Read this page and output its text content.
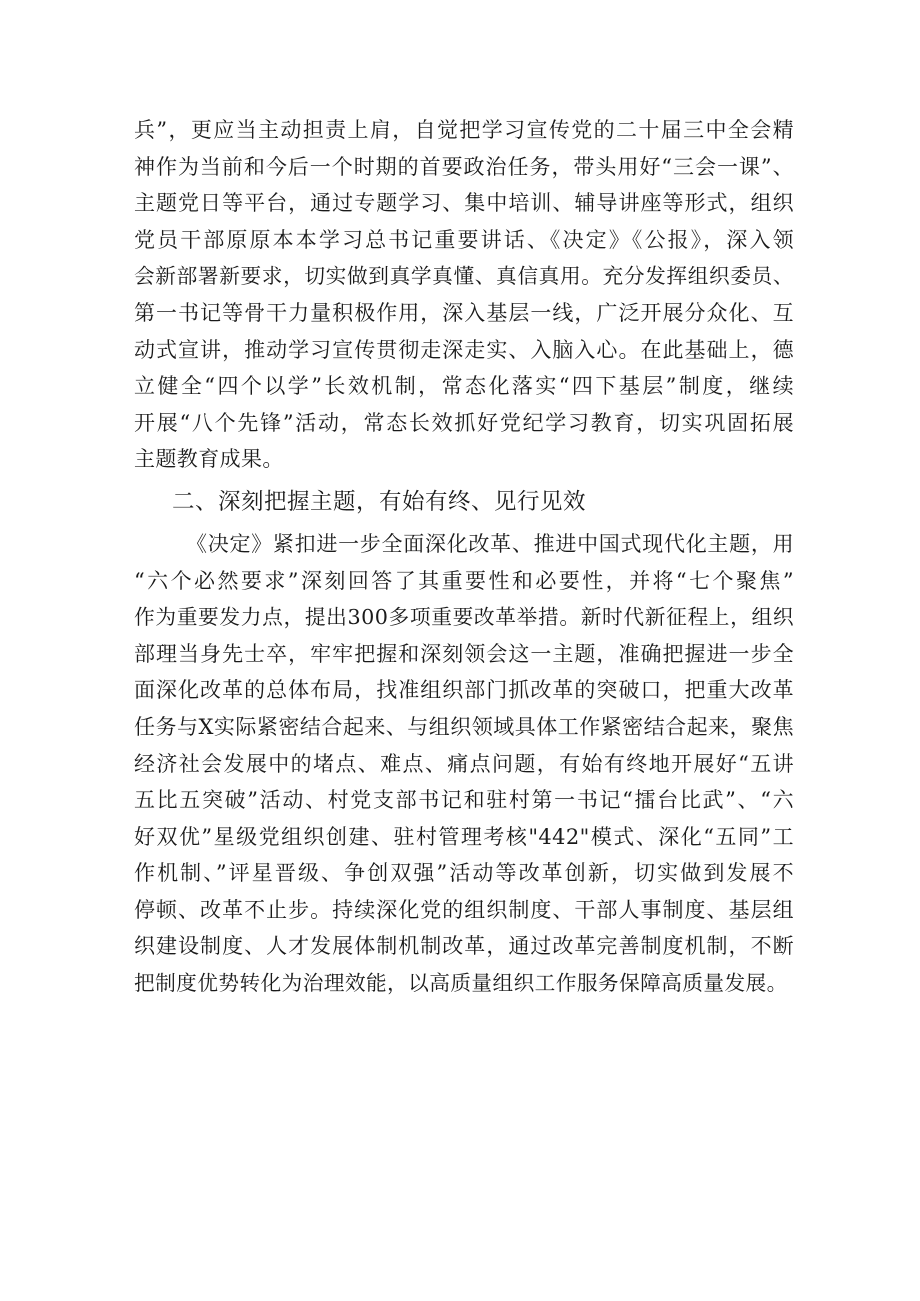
兵”，更应当主动担责上肩，自觉把学习宣传党的二十届三中全会精
神作为当前和今后一个时期的首要政治任务，带头用好“三会一课”、
主题党日等平台，通过专题学习、集中培训、辅导讲座等形式，组织
党员干部原原本本学习总书记重要讲话、《决定》《公报》，深入领
会新部署新要求，切实做到真学真懂、真信真用。充分发挥组织委员、
第一书记等骨干力量积极作用，深入基层一线，广泛开展分众化、互
动式宣讲，推动学习宣传贯彻走深走实、入脑入心。在此基础上，德
立健全“四个以学”长效机制，常态化落实“四下基层”制度，继续
开展“八个先锋”活动，常态长效抓好党纪学习教育，切实巩固拓展
主题教育成果。
二、深刻把握主题，有始有终、见行见效
《决定》紧扣进一步全面深化改革、推进中国式现代化主题，用
“六个必然要求”深刻回答了其重要性和必要性，并将“七个聚焦”
作为重要发力点，提出300多项重要改革举措。新时代新征程上，组织
部理当身先士卒，牢牢把握和深刻领会这一主题，准确把握进一步全
面深化改革的总体布局，找准组织部门抓改革的突破口，把重大改革
任务与X实际紧密结合起来、与组织领域具体工作紧密结合起来，聚焦
经济社会发展中的堵点、难点、痛点问题，有始有终地开展好“五讲
五比五突破”活动、村党支部书记和驻村第一书记“擂台比武”、“六
好双优”星级党组织创建、驻村管理考核"442"模式、深化“五同”工
作机制、”评星晋级、争创双强”活动等改革创新，切实做到发展不
停顿、改革不止步。持续深化党的组织制度、干部人事制度、基层组
织建设制度、人才发展体制机制改革，通过改革完善制度机制，不断
把制度优势转化为治理效能，以高质量组织工作服务保障高质量发展。
